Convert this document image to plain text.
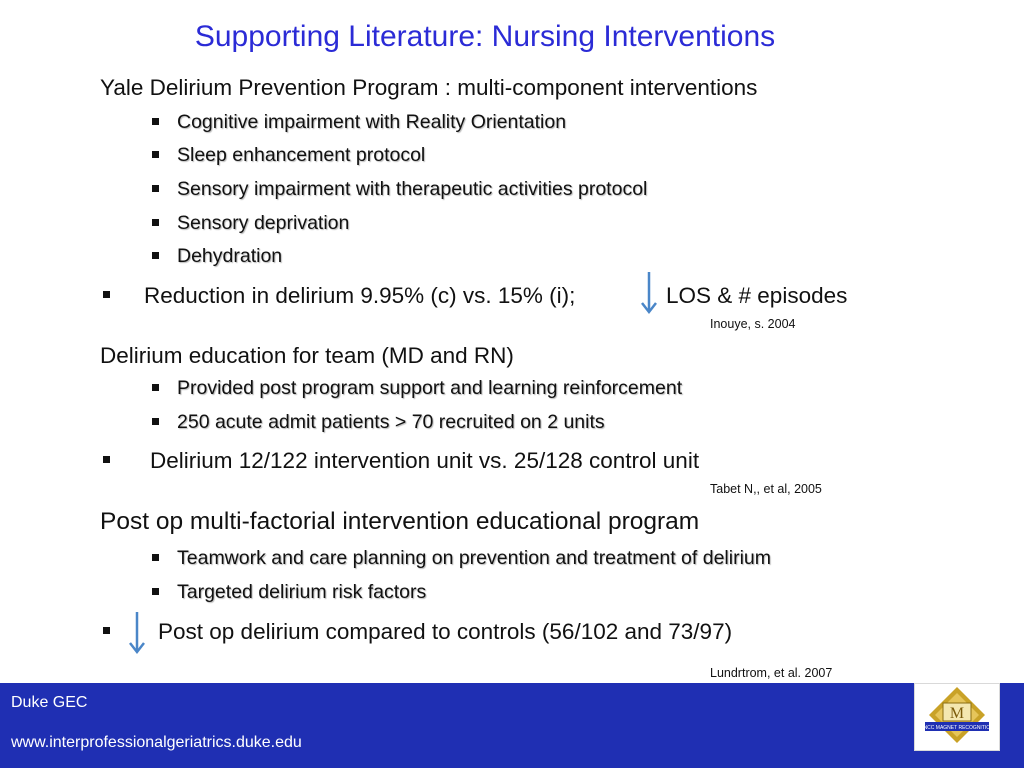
Supporting Literature: Nursing Interventions
Yale Delirium Prevention Program : multi-component interventions
Cognitive impairment with Reality Orientation
Sleep enhancement protocol
Sensory impairment with therapeutic activities protocol
Sensory deprivation
Dehydration
Reduction in delirium 9.95% (c) vs. 15% (i);	LOS & # episodes
Inouye, s. 2004
Delirium education for team (MD and RN)
Provided post program support and learning reinforcement
250 acute admit patients > 70 recruited on 2 units
Delirium 12/122 intervention unit vs. 25/128 control unit
Tabet N,, et al, 2005
Post op multi-factorial intervention educational program
Teamwork and care planning on prevention and treatment of delirium
Targeted delirium risk factors
Post op delirium compared to controls (56/102 and 73/97)
Lundrtrom, et al. 2007
Duke GEC
www.interprofessionalgeriatrics.duke.edu
M
ANCC MAGNET RECOGNITION
